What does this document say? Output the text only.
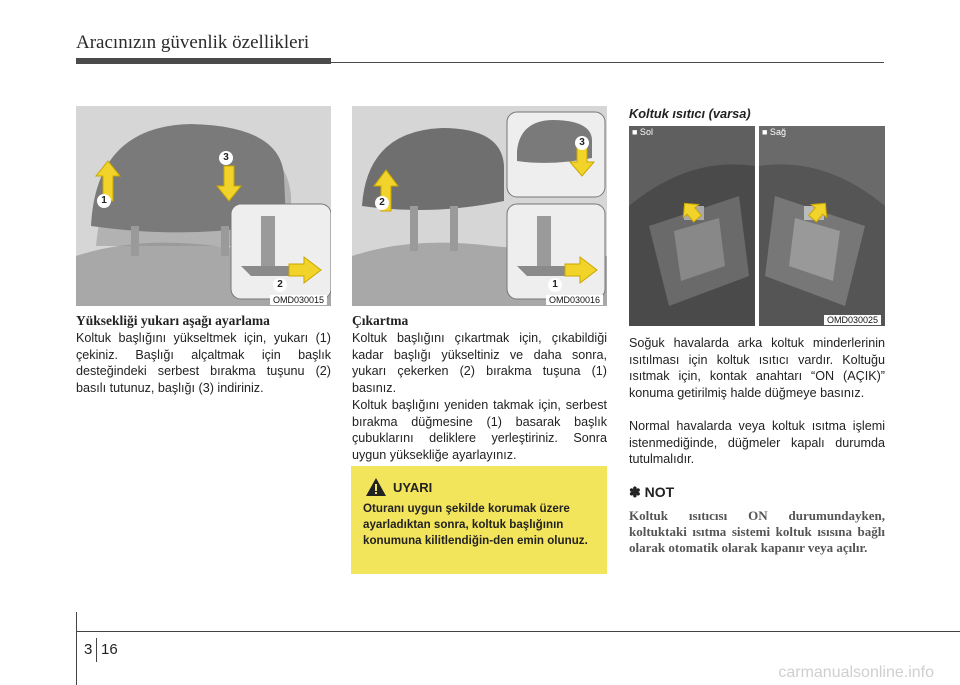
Aracınızın güvenlik özellikleri
1
2
3
OMD030015
1
2
3
OMD030016
■ Sol	■ Sağ
OMD030025
Yüksekliği yukarı aşağı ayarlama

Koltuk başlığını yükseltmek için, yukarı (1) çekiniz. Başlığı alçaltmak için başlık desteğindeki serbest bırakma tuşunu (2) basılı tutunuz, başlığı (3) indiriniz.

Çıkartma

Koltuk başlığını çıkartmak için, çıkabildiği kadar başlığı yükseltiniz ve daha sonra, yukarı çekerken (2) bırakma tuşuna (1) basınız.

Koltuk başlığını yeniden takmak için, serbest bırakma düğmesine (1) basarak başlık çubuklarını deliklere yerleştiriniz. Sonra uygun yüksekliğe ayarlayınız.

UYARI

Oturanı uygun şekilde korumak üzere ayarladıktan sonra, koltuk başlığının konumuna kilitlendiğin-den emin olunuz.

Koltuk ısıtıcı (varsa)

Soğuk havalarda arka koltuk minderlerinin ısıtılması için koltuk ısıtıcı vardır. Koltuğu ısıtmak için, kontak anahtarı “ON (AÇIK)” konuma getirilmiş halde düğmeye basınız.

Normal havalarda veya koltuk ısıtma işlemi istenmediğinde, düğmeler kapalı durumda tutulmalıdır.

✽ NOT

Koltuk ısıtıcısı ON durumundayken, koltuktaki ısıtma sistemi koltuk ısısına bağlı olarak otomatik olarak kapanır veya açılır.

3 16
carmanualsonline.info
